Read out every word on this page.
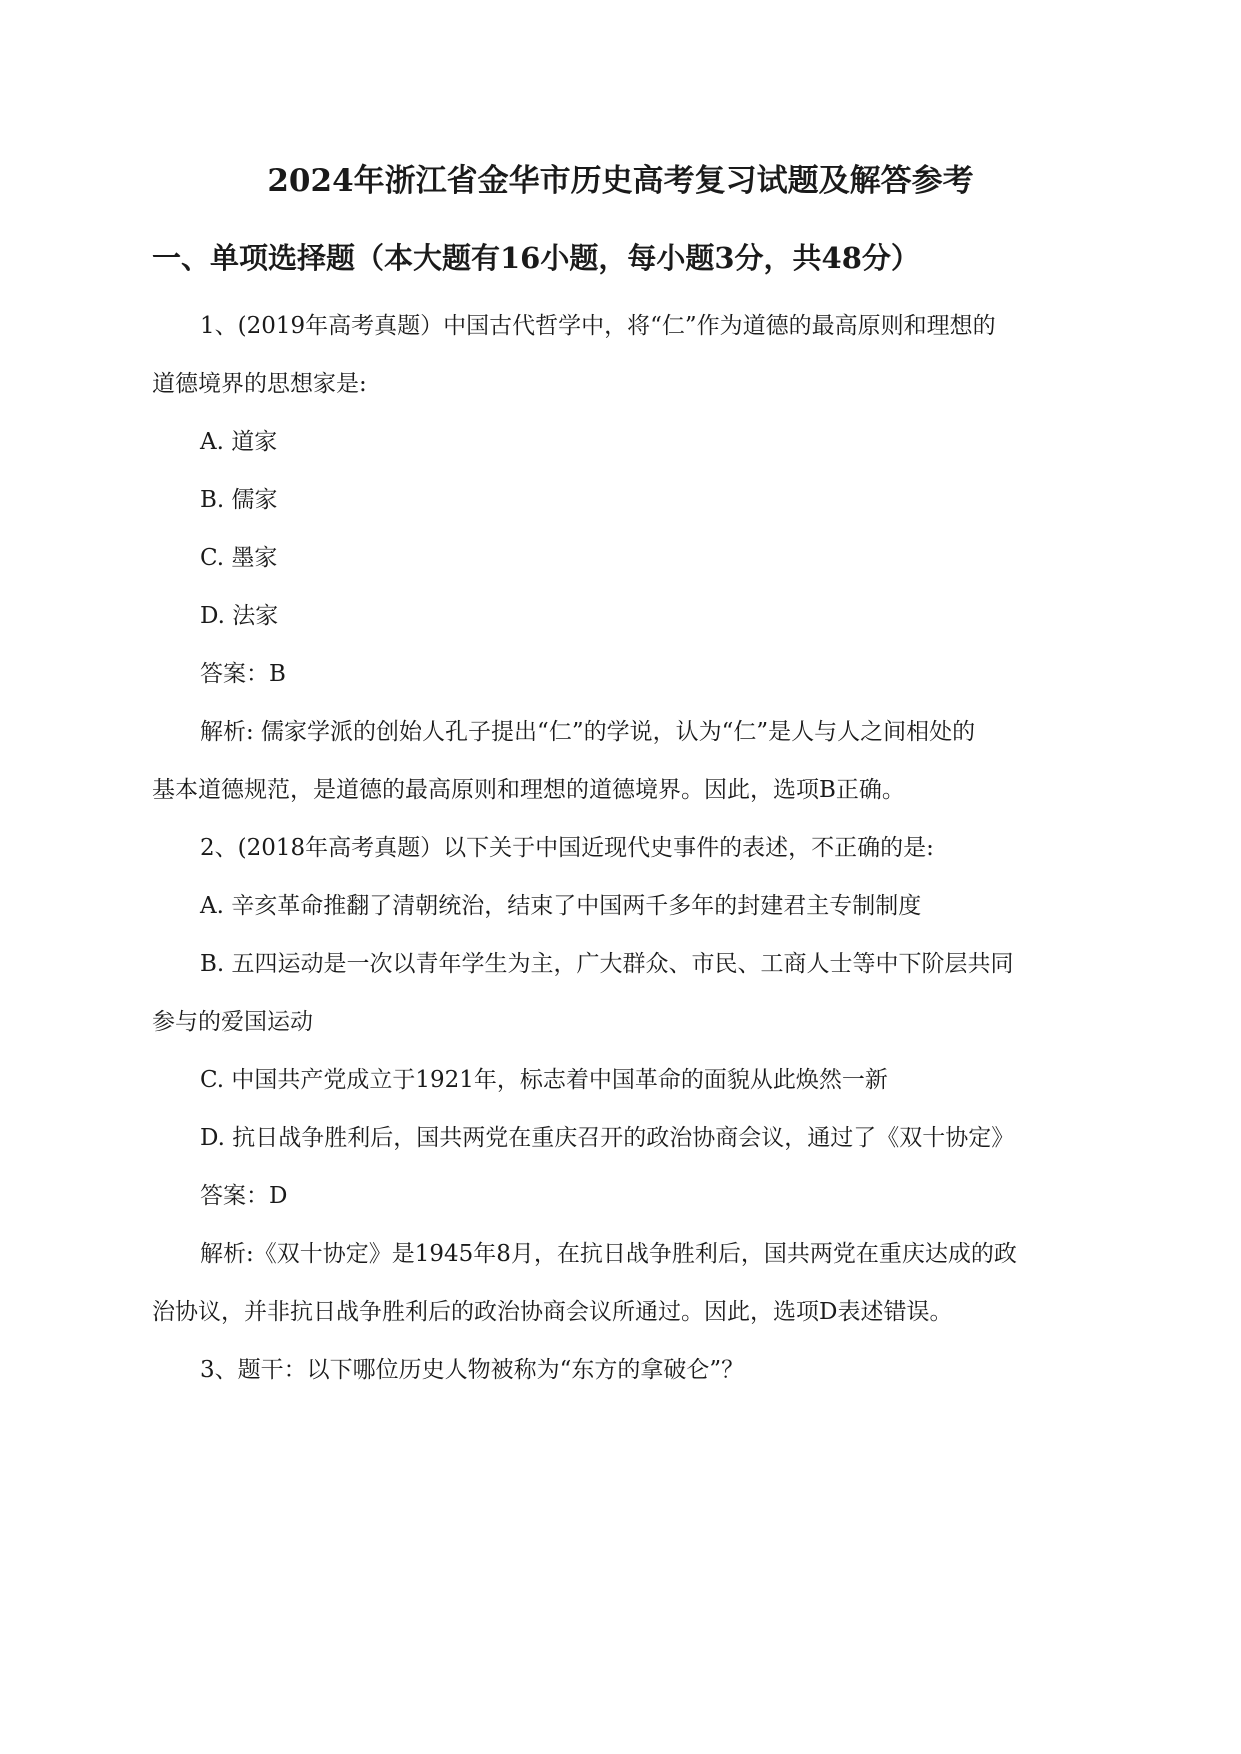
2024年浙江省金华市历史高考复习试题及解答参考
一、单项选择题（本大题有16小题，每小题3分，共48分）
1、(2019年高考真题）中国古代哲学中，将“仁”作为道德的最高原则和理想的
道德境界的思想家是:
A. 道家
B. 儒家
C. 墨家
D. 法家
答案：B
解析: 儒家学派的创始人孔子提出“仁”的学说，认为“仁”是人与人之间相处的
基本道德规范，是道德的最高原则和理想的道德境界。因此，选项B正确。
2、(2018年高考真题）以下关于中国近现代史事件的表述，不正确的是:
A. 辛亥革命推翻了清朝统治，结束了中国两千多年的封建君主专制制度
B. 五四运动是一次以青年学生为主，广大群众、市民、工商人士等中下阶层共同
参与的爱国运动
C. 中国共产党成立于1921年，标志着中国革命的面貌从此焕然一新
D. 抗日战争胜利后，国共两党在重庆召开的政治协商会议，通过了《双十协定》
答案：D
解析:《双十协定》是1945年8月，在抗日战争胜利后，国共两党在重庆达成的政
治协议，并非抗日战争胜利后的政治协商会议所通过。因此，选项D表述错误。
3、题干：以下哪位历史人物被称为“东方的拿破仑”？
